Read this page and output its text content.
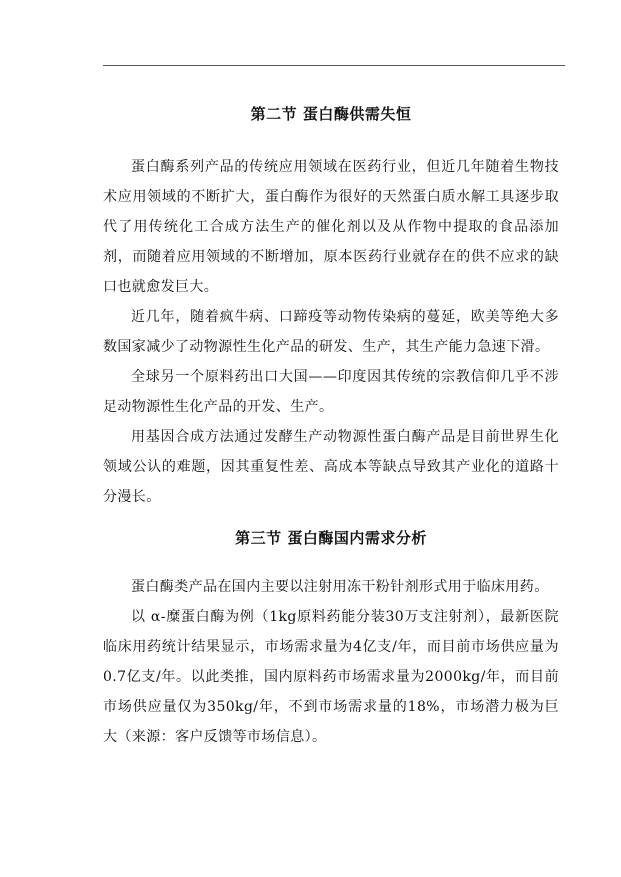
第二节 蛋白酶供需失恒

蛋白酶系列产品的传统应用领域在医药行业，但近几年随着生物技术应用领域的不断扩大，蛋白酶作为很好的天然蛋白质水解工具逐步取代了用传统化工合成方法生产的催化剂以及从作物中提取的食品添加剂，而随着应用领域的不断增加，原本医药行业就存在的供不应求的缺口也就愈发巨大。

近几年，随着疯牛病、口蹄疫等动物传染病的蔓延，欧美等绝大多数国家减少了动物源性生化产品的研发、生产，其生产能力急速下滑。

全球另一个原料药出口大国——印度因其传统的宗教信仰几乎不涉足动物源性生化产品的开发、生产。

用基因合成方法通过发酵生产动物源性蛋白酶产品是目前世界生化领域公认的难题，因其重复性差、高成本等缺点导致其产业化的道路十分漫长。

第三节 蛋白酶国内需求分析

蛋白酶类产品在国内主要以注射用冻干粉针剂形式用于临床用药。

以 α-糜蛋白酶为例（1kg原料药能分装30万支注射剂），最新医院临床用药统计结果显示，市场需求量为4亿支/年，而目前市场供应量为0.7亿支/年。以此类推，国内原料药市场需求量为2000kg/年，而目前市场供应量仅为350kg/年，不到市场需求量的18%，市场潜力极为巨大（来源：客户反馈等市场信息）。
